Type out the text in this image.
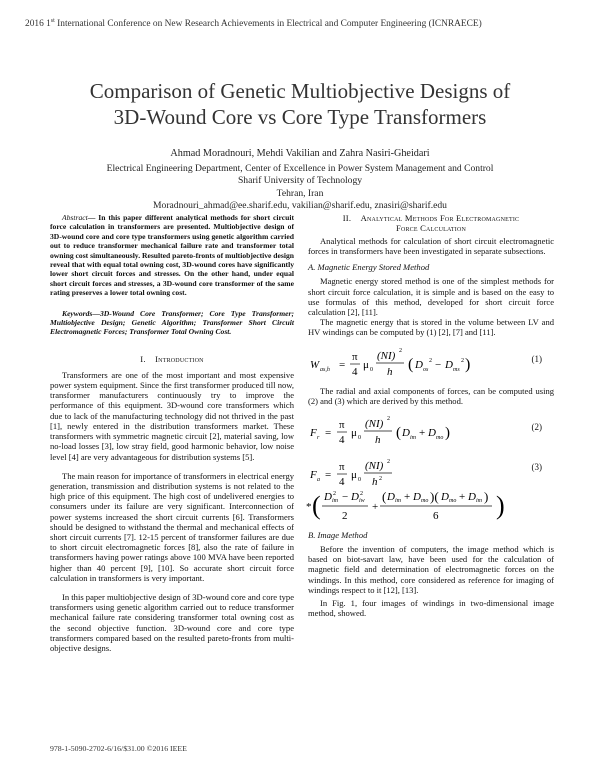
2016 1st International Conference on New Research Achievements in Electrical and Computer Engineering (ICNRAECE)
Comparison of Genetic Multiobjective Designs of
3D-Wound Core vs Core Type Transformers
Ahmad Moradnouri, Mehdi Vakilian and Zahra Nasiri-Gheidari
Electrical Engineering Department, Center of Excellence in Power System Management and Control
Sharif University of Technology
Tehran, Iran
Moradnouri_ahmad@ee.sharif.edu, vakilian@sharif.edu, znasiri@sharif.edu
Abstract— In this paper different analytical methods for short circuit force calculation in transformers are presented. Multiobjective design of 3D-wound core and core type transformers using genetic algorithm carried out to reduce transformer mechanical failure rate and transformer total owning cost simultaneously. Resulted pareto-fronts of multiobjective design reveal that with equal total owning cost, 3D-wound cores have significantly lower short circuit forces and stresses. On the other hand, under equal short circuit forces and stresses, a 3D-wound core transformer of the same rating preserves a lower total owning cost.
Keywords—3D-Wound Core Transformer; Core Type Transformer; Multiobjective Design; Genetic Algorithm; Transformer Short Circuit Electromagnetic Forces; Transformer Total Owning Cost.
I. Introduction

Transformers are one of the most important and most expensive power system equipment. Since the first transformer produced till now, transformer manufacturers continuously try to improve the performance of this equipment. 3D-wound core transformers which due to lack of the manufacturing technology did not thrived in the past [1], newly entered in the distribution transformers market. These transformers with symmetric magnetic circuit [2], material saving, low no-load losses [3], low stray field, good harmonic behavior, low noise level [4] are very advantageous for distribution systems [5].

The main reason for importance of transformers in electrical energy generation, transmission and distribution systems is not related to the high price of this equipment. The high cost of undelivered energies to consumers under its failure are very significant. Interconnection of power systems increased the short circuit currents [6]. Transformers should be designed to withstand the thermal and mechanical effects of short circuit currents [7]. 12-15 percent of transformer failures are due to short circuit electromagnetic forces [8], also the rate of failure in transformers having power ratings above 100 MVA have been reported higher than 40 percent [9], [10]. So accurate short circuit force calculation in transformers is very important.

In this paper multiobjective design of 3D-wound core and core type transformers using genetic algorithm carried out to reduce transformer mechanical failure rate considering transformer total owning cost as the second objective function. 3D-wound core and core type transformers compared based on the resulted pareto-fronts from multi-objective designs.

II. Analytical Methods For Electromagnetic
Force Calculation

Analytical methods for calculation of short circuit electromagnetic forces in transformers have been investigated in separate subsections.

A. Magnetic Energy Stored Method

Magnetic energy stored method is one of the simplest methods for short circuit force calculation, it is simple and is based on the easy to use formulas of this method, developed for short circuit force calculation [2], [11].

The magnetic energy that is stored in the volume between LV and HV windings can be computed by (1) [2], [7] and [11].

W as,h =
π
4
μ 0
(NI) 2
h ( D os
2 − D ms
2 )	(1)

The radial and axial components of forces, can be computed using (2) and (3) which are derived by this method.

F r =
π
4
μ 0
(NI) 2
h ( D im + D mo )	(2)
F a =
π
4
μ 0
(NI) 2
h 2
* ( D im
2 − D iw
2
2
+
( D im + D mo )( D mo + D im )
6 )
(3)
B. Image Method

Before the invention of computers, the image method which is based on biot-savart law, have been used for the calculation of magnetic field and determination of electromagnetic forces on the windings. In this method, core considered as reference for imaging of windings respect to it [12], [13].

In Fig. 1, four images of windings in two-dimensional image method, showed.

978-1-5090-2702-6/16/$31.00 ©2016 IEEE
